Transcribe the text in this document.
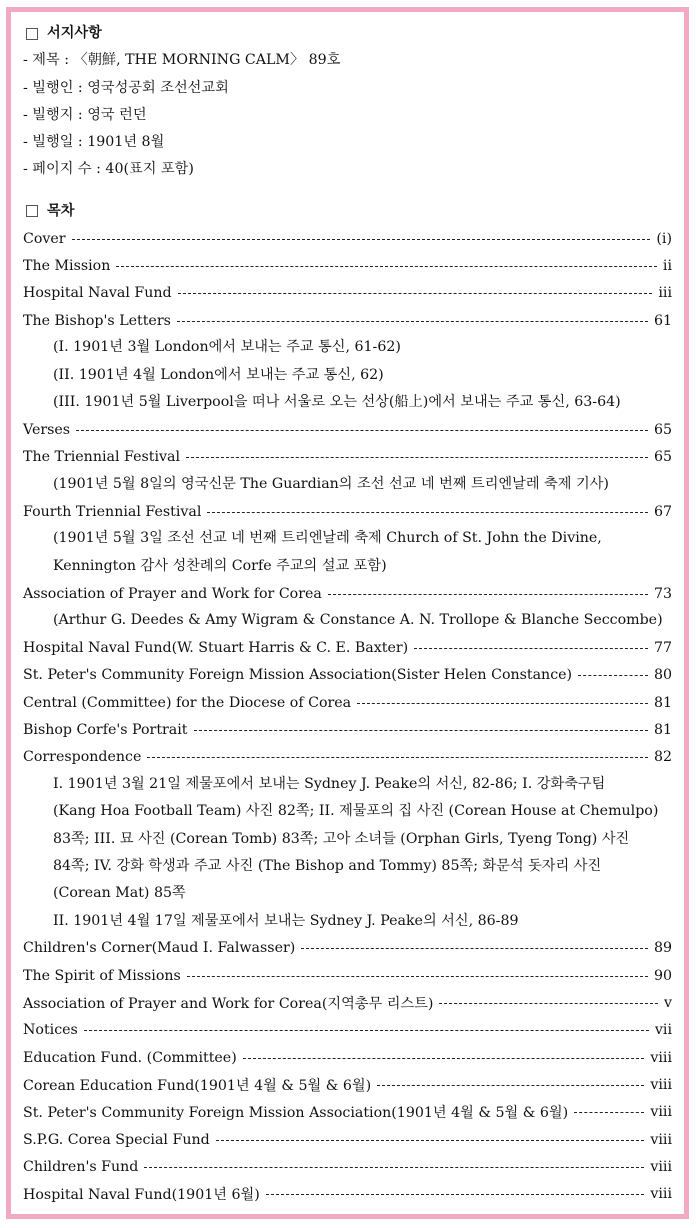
서지사항
- 제목 : 〈朝鮮, THE MORNING CALM〉 89호
- 빌행인 : 영국성공회 조선선교회
- 빌행지 : 영국 런던
- 빌행일 : 1901년 8월
- 페이지 수 : 40(표지 포함)
목차
Cover	(i)
The Mission	ii
Hospital Naval Fund	iii
The Bishop's Letters	61
(I. 1901년 3월 London에서 보내는 주교 통신, 61-62)
(II. 1901년 4월 London에서 보내는 주교 통신, 62)
(III. 1901년 5월 Liverpool을 떠나 서울로 오는 선상(船上)에서 보내는 주교 통신, 63-64)
Verses	65
The Triennial Festival	65
(1901년 5월 8일의 영국신문 The Guardian의 조선 선교 네 번째 트리엔날레 축제 기사)
Fourth Triennial Festival	67
(1901년 5월 3일 조선 선교 네 번째 트리엔날레 축제 Church of St. John the Divine,
Kennington 감사 성찬례의 Corfe 주교의 설교 포함)
Association of Prayer and Work for Corea	73
(Arthur G. Deedes & Amy Wigram & Constance A. N. Trollope & Blanche Seccombe)
Hospital Naval Fund(W. Stuart Harris & C. E. Baxter)	77
St. Peter's Community Foreign Mission Association(Sister Helen Constance)	80
Central (Committee) for the Diocese of Corea	81
Bishop Corfe's Portrait	81
Correspondence	82
I. 1901년 3월 21일 제물포에서 보내는 Sydney J. Peake의 서신, 82-86; I. 강화축구팀
(Kang Hoa Football Team) 사진 82쪽; II. 제물포의 집 사진 (Corean House at Chemulpo)
83쪽; III. 묘 사진 (Corean Tomb) 83쪽; 고아 소녀들 (Orphan Girls, Tyeng Tong) 사진
84쪽; IV. 강화 학생과 주교 사진 (The Bishop and Tommy) 85쪽; 화문석 돗자리 사진
(Corean Mat) 85쪽
II. 1901년 4월 17일 제물포에서 보내는 Sydney J. Peake의 서신, 86-89
Children's Corner(Maud I. Falwasser)	89
The Spirit of Missions	90
Association of Prayer and Work for Corea(지역총무 리스트)	v
Notices	vii
Education Fund. (Committee)	viii
Corean Education Fund(1901년 4월 & 5월 & 6월)	viii
St. Peter's Community Foreign Mission Association(1901년 4월 & 5월 & 6월)	viii
S.P.G. Corea Special Fund	viii
Children's Fund	viii
Hospital Naval Fund(1901년 6월)	viii
